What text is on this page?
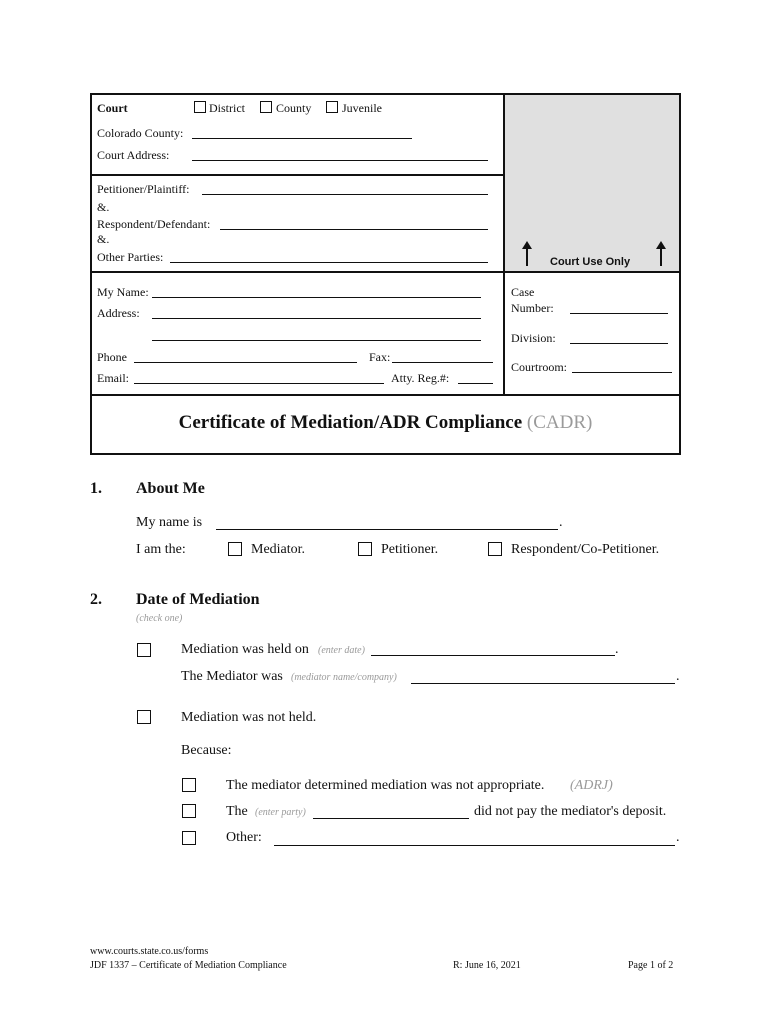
Court	District	County	Juvenile
Colorado County:
Court Address:
Petitioner/Plaintiff:
&.
Respondent/Defendant:
&.
Other Parties:	Court Use Only
My Name:
Address:
Phone	Fax:
Email:	Atty. Reg.#:
Case
Number:
Division:
Courtroom:
Certificate of Mediation/ADR Compliance (CADR)
1. About Me
My name is	.
I am the:	Mediator.	Petitioner.	Respondent/Co-Petitioner.
2. Date of Mediation
(check one)
Mediation was held on (enter date)	.
The Mediator was (mediator name/company)	.
Mediation was not held.
Because:
The mediator determined mediation was not appropriate. (ADRJ)
The (enter party)	did not pay the mediator's deposit.
Other:	.
www.courts.state.co.us/forms
JDF 1337 – Certificate of Mediation Compliance	R: June 16, 2021	Page 1 of 2
